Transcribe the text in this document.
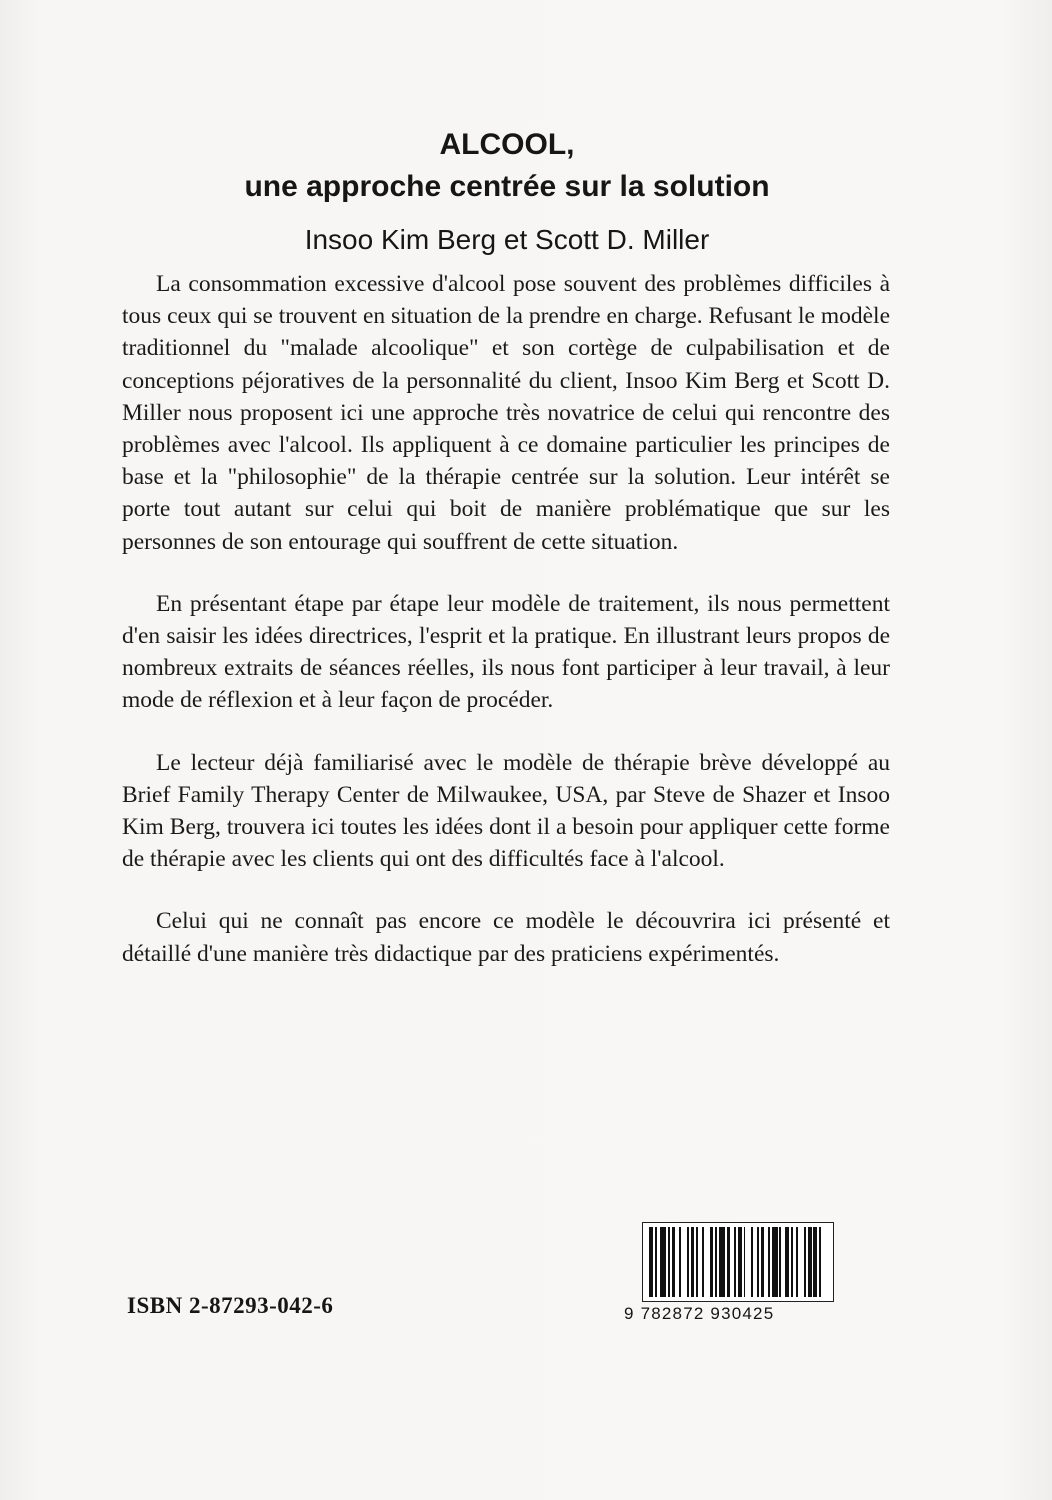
ALCOOL,
une approche centrée sur la solution
Insoo Kim Berg et Scott D. Miller

La consommation excessive d'alcool pose souvent des problèmes difficiles à tous ceux qui se trouvent en situation de la prendre en charge. Refusant le modèle traditionnel du "malade alcoolique" et son cortège de culpabilisation et de conceptions péjoratives de la personnalité du client, Insoo Kim Berg et Scott D. Miller nous proposent ici une approche très novatrice de celui qui rencontre des problèmes avec l'alcool. Ils appliquent à ce domaine particulier les principes de base et la "philosophie" de la thérapie centrée sur la solution. Leur intérêt se porte tout autant sur celui qui boit de manière problématique que sur les personnes de son entourage qui souffrent de cette situation.

En présentant étape par étape leur modèle de traitement, ils nous permettent d'en saisir les idées directrices, l'esprit et la pratique. En illustrant leurs propos de nombreux extraits de séances réelles, ils nous font participer à leur travail, à leur mode de réflexion et à leur façon de procéder.

Le lecteur déjà familiarisé avec le modèle de thérapie brève développé au Brief Family Therapy Center de Milwaukee, USA, par Steve de Shazer et Insoo Kim Berg, trouvera ici toutes les idées dont il a besoin pour appliquer cette forme de thérapie avec les clients qui ont des difficultés face à l'alcool.

Celui qui ne connaît pas encore ce modèle le découvrira ici présenté et détaillé d'une manière très didactique par des praticiens expérimentés.

ISBN 2-87293-042-6	9 782872 930425
